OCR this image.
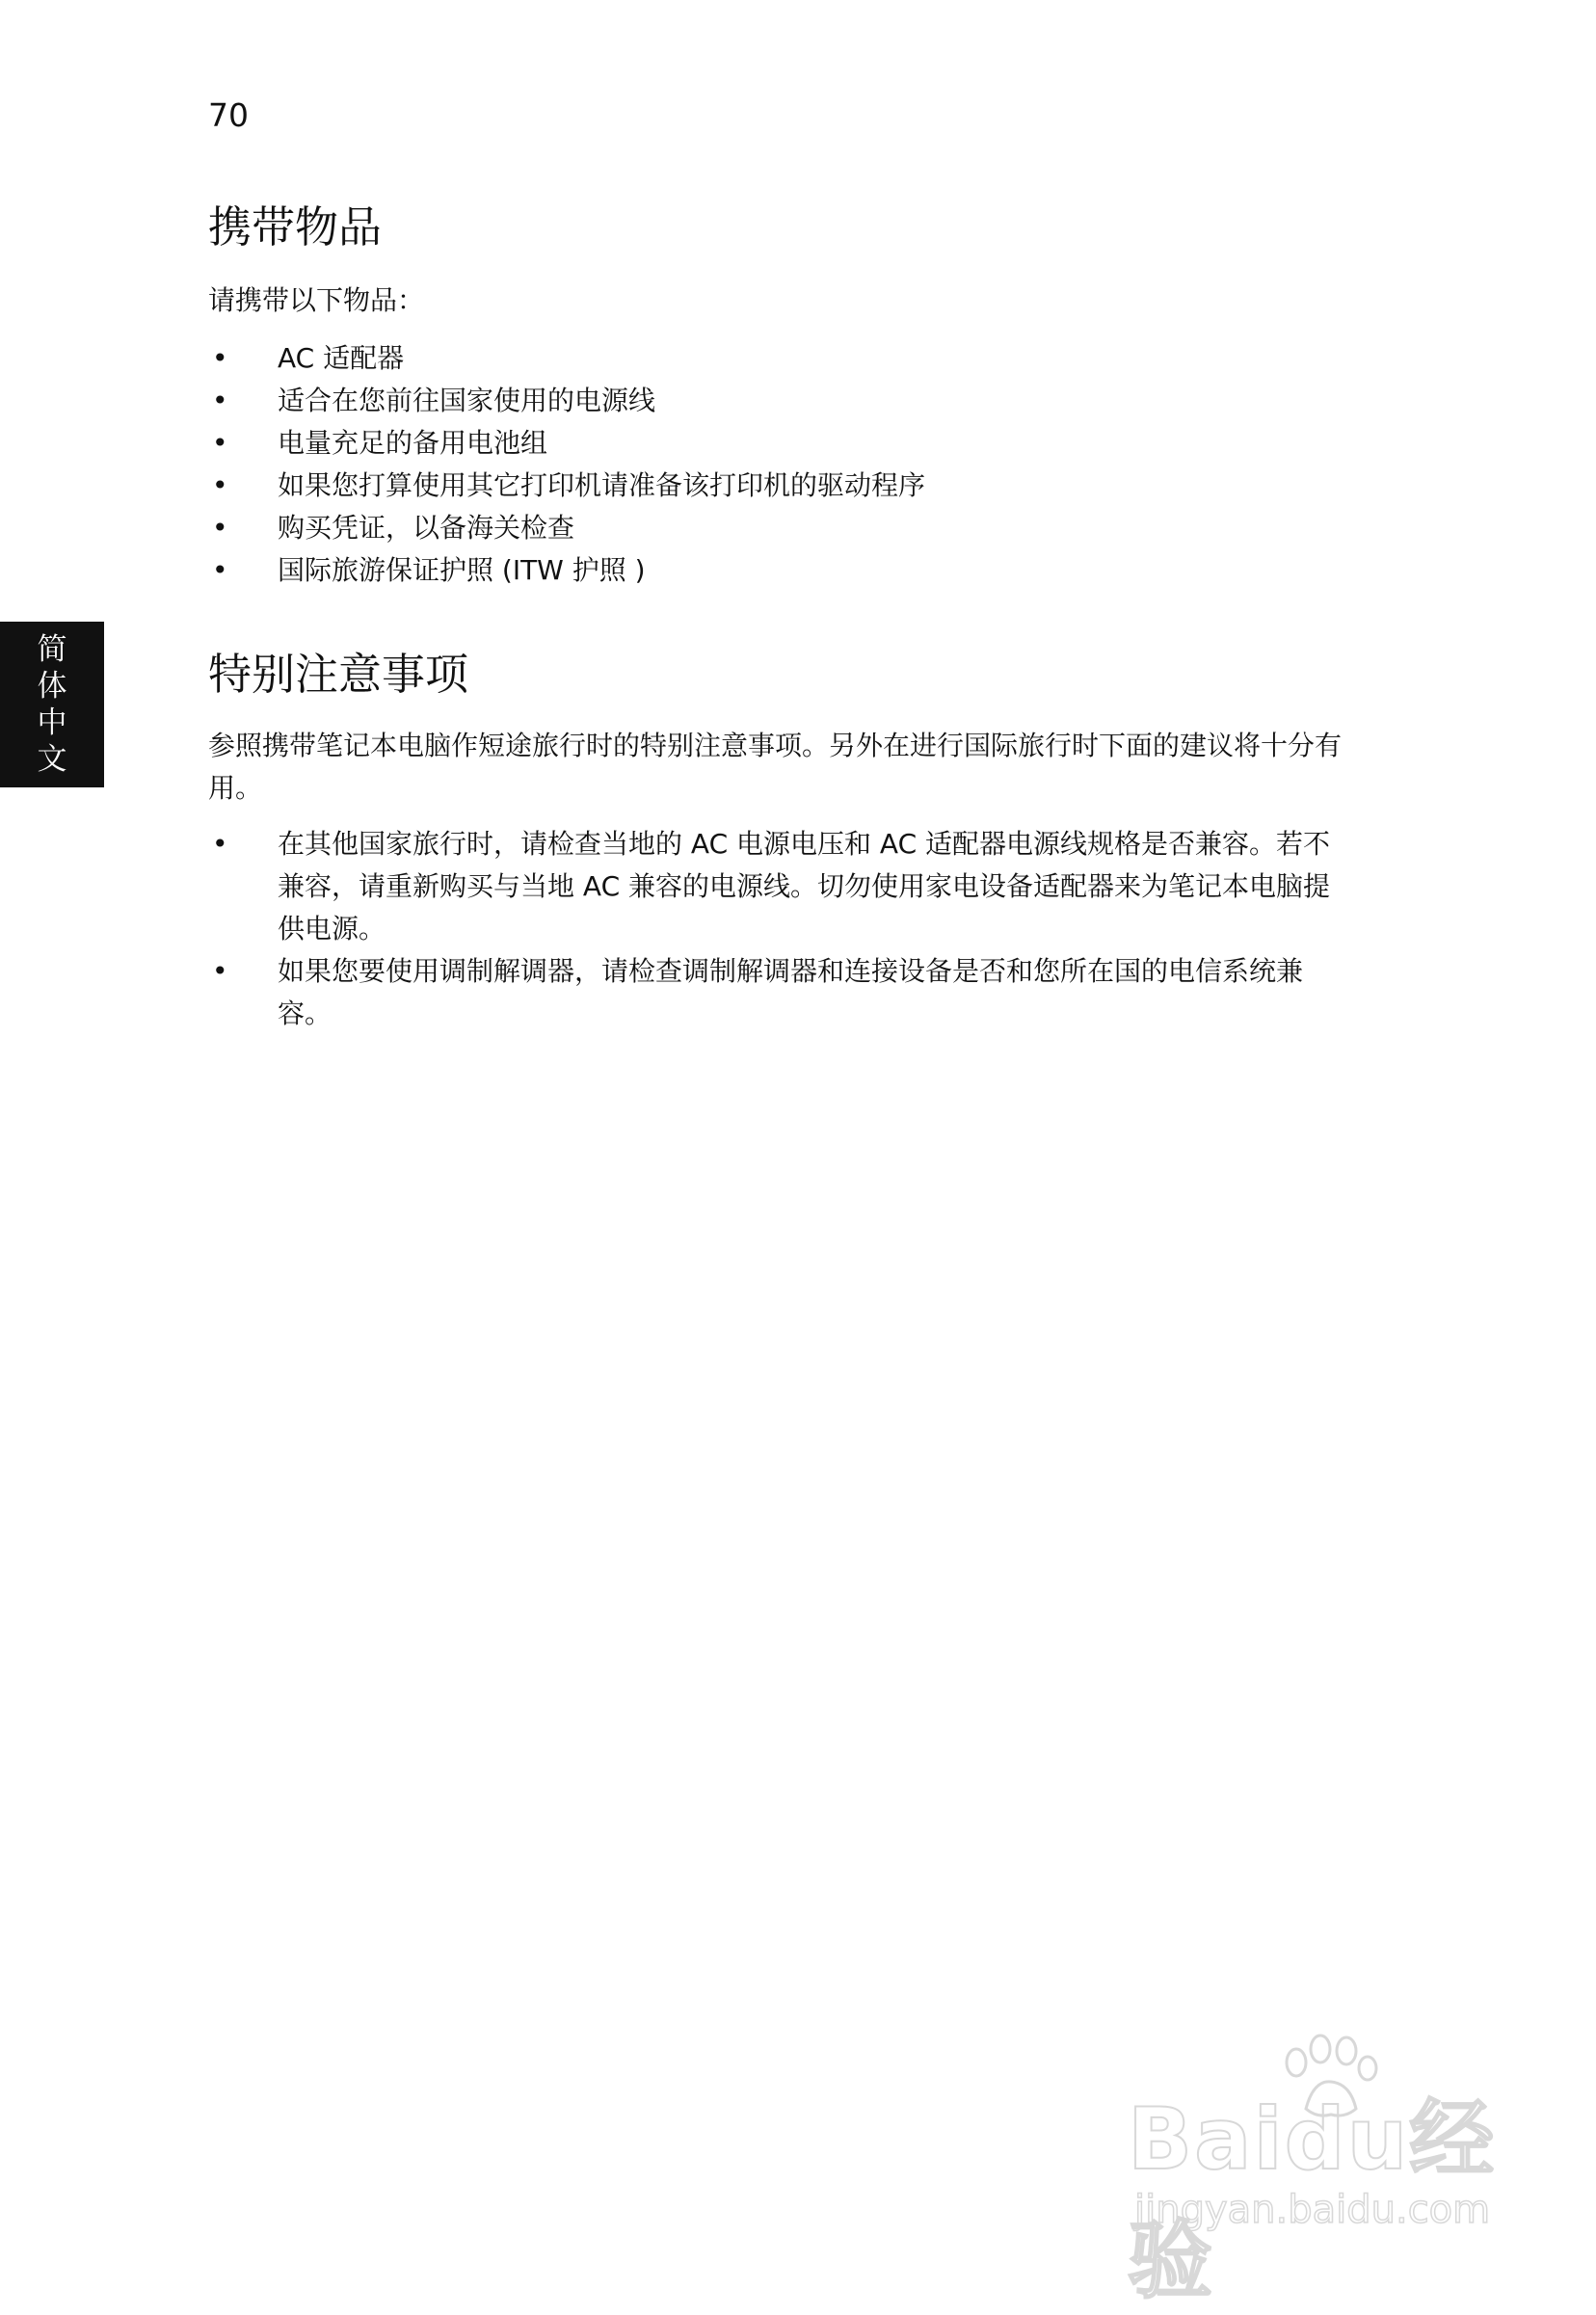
70
简
体
中
文
携带物品

请携带以下物品：

• AC 适配器
• 适合在您前往国家使用的电源线
• 电量充足的备用电池组
• 如果您打算使用其它打印机请准备该打印机的驱动程序
• 购买凭证，以备海关检查
• 国际旅游保证护照 (ITW 护照 )
特别注意事项

参照携带笔记本电脑作短途旅行时的特别注意事项。另外在进行国际旅行时下面的建议将十分有用。

• 在其他国家旅行时，请检查当地的 AC 电源电压和 AC 适配器电源线规格是否兼容。若不兼容，请重新购买与当地 AC 兼容的电源线。切勿使用家电设备适配器来为笔记本电脑提供电源。
• 如果您要使用调制解调器，请检查调制解调器和连接设备是否和您所在国的电信系统兼容。
Baidu经验
jingyan.baidu.com
